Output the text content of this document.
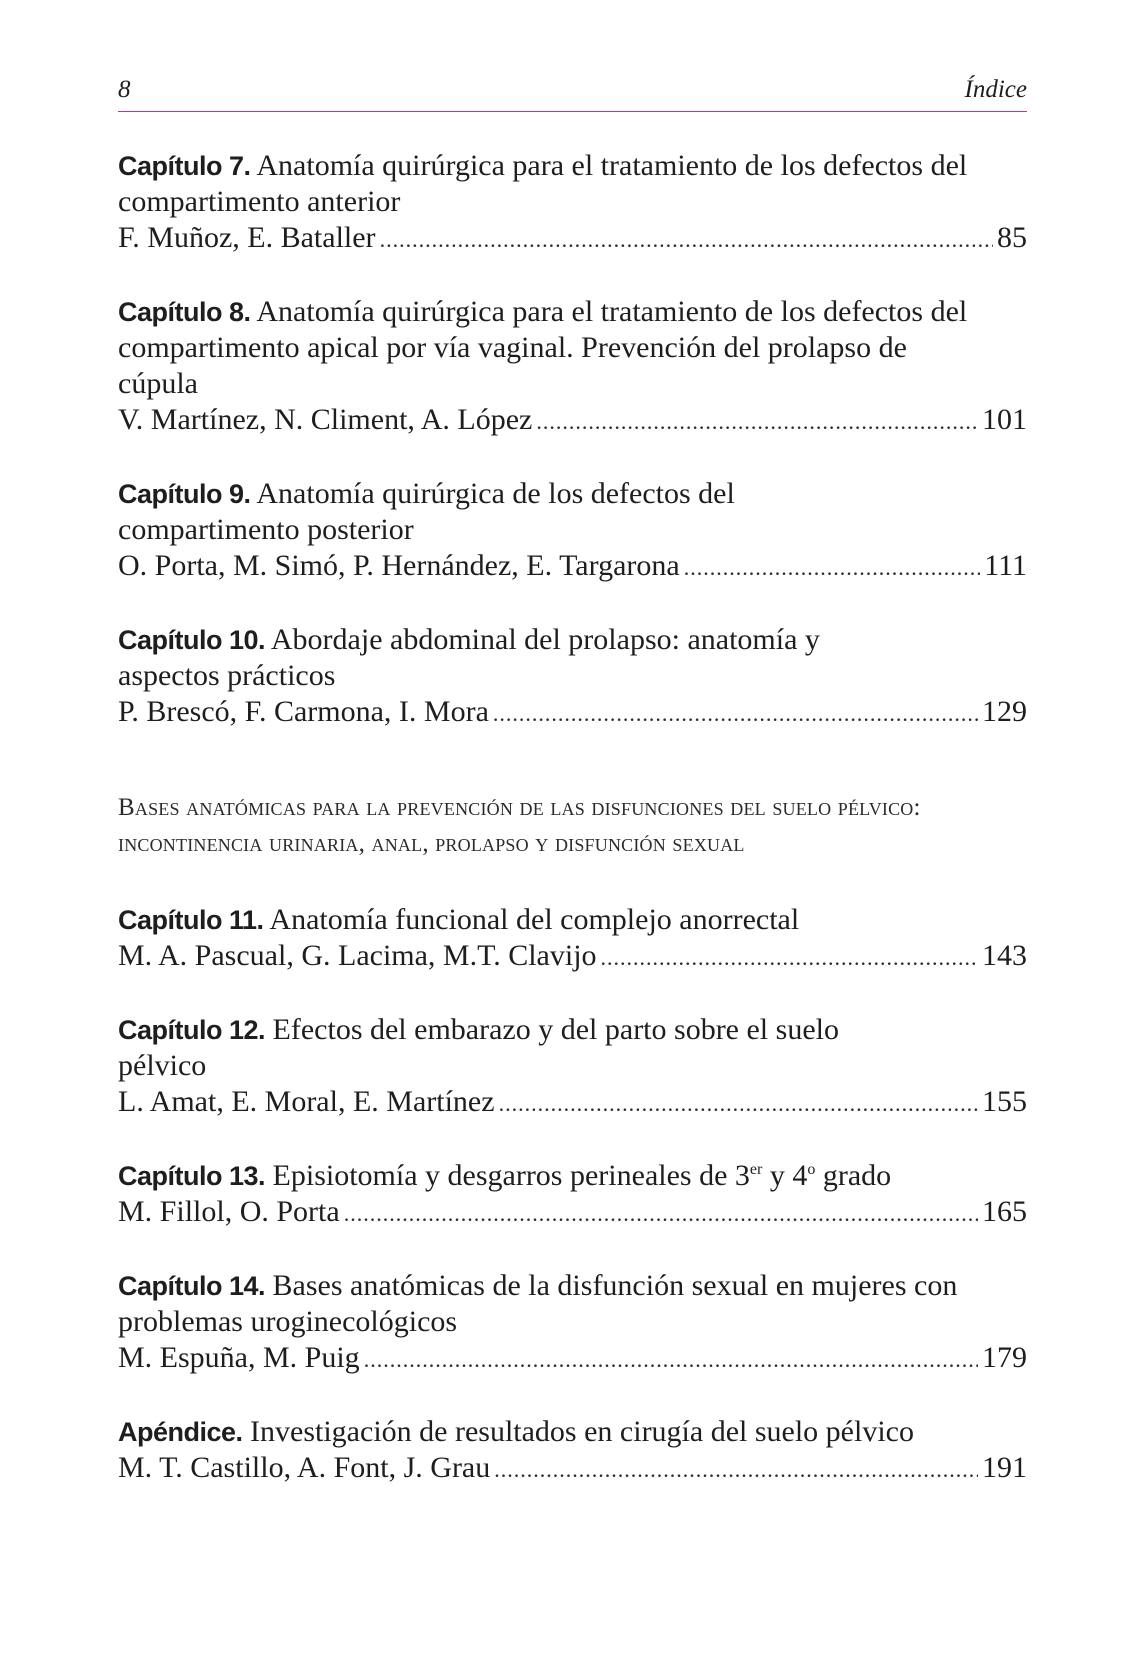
8	Índice
Capítulo 7. Anatomía quirúrgica para el tratamiento de los defectos del compartimento anterior
F. Muñoz, E. Bataller .....	85
Capítulo 8. Anatomía quirúrgica para el tratamiento de los defectos del compartimento apical por vía vaginal. Prevención del prolapso de cúpula
V. Martínez, N. Climent, A. López .....	101
Capítulo 9. Anatomía quirúrgica de los defectos del compartimento posterior
O. Porta, M. Simó, P. Hernández, E. Targarona .....	111
Capítulo 10. Abordaje abdominal del prolapso: anatomía y aspectos prácticos
P. Brescó, F. Carmona, I. Mora .....	129
Bases anatómicas para la prevención de las disfunciones del suelo pélvico: incontinencia urinaria, anal, prolapso y disfunción sexual
Capítulo 11. Anatomía funcional del complejo anorrectal
M. A. Pascual, G. Lacima, M.T. Clavijo .....	143
Capítulo 12. Efectos del embarazo y del parto sobre el suelo pélvico
L. Amat, E. Moral, E. Martínez .....	155
Capítulo 13. Episiotomía y desgarros perineales de 3er y 4$^o$ grado
M. Fillol, O. Porta .....	165
Capítulo 14. Bases anatómicas de la disfunción sexual en mujeres con problemas uroginecológicos
M. Espuña, M. Puig .....	179
Apéndice. Investigación de resultados en cirugía del suelo pélvico
M. T. Castillo, A. Font, J. Grau .....	191
